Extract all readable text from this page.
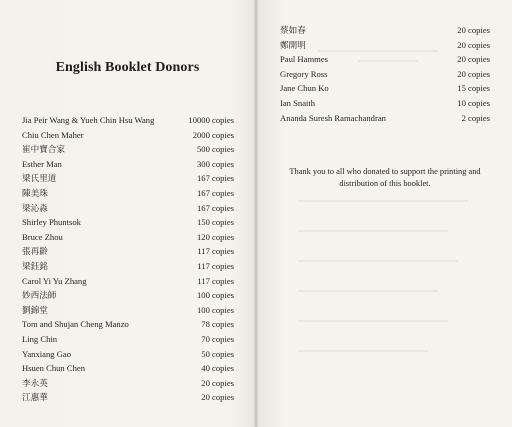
English Booklet Donors
Jia Peir Wang & Yueh Chin Hsu Wang	10000 copies
Chiu Chen Maher	2000 copies
崔中寶合家	500 copies
Esther Man	300 copies
梁氏里道	167 copies
陳美珠	167 copies
梁沁淼	167 copies
Shirley Phuntsok	150 copies
Bruce Zhou	120 copies
張再齡	117 copies
梁鈺銘	117 copies
Carol Yi Yu Zhang	117 copies
妙西法師	100 copies
劉錦堂	100 copies
Tom and Shujan Cheng Manzo	78 copies
Ling Chin	70 copies
Yanxiang Gao	50 copies
Hsuen Chun Chen	40 copies
李永英	20 copies
江惠華	20 copies
蔡如春	20 copies
鄭開明	20 copies
Paul Hammes	20 copies
Gregory Ross	20 copies
Jane Chun Ko	15 copies
Ian Snaith	10 copies
Ananda Suresh Ramachandran	2 copies
Thank you to all who donated to support the printing and
distribution of this booklet.
